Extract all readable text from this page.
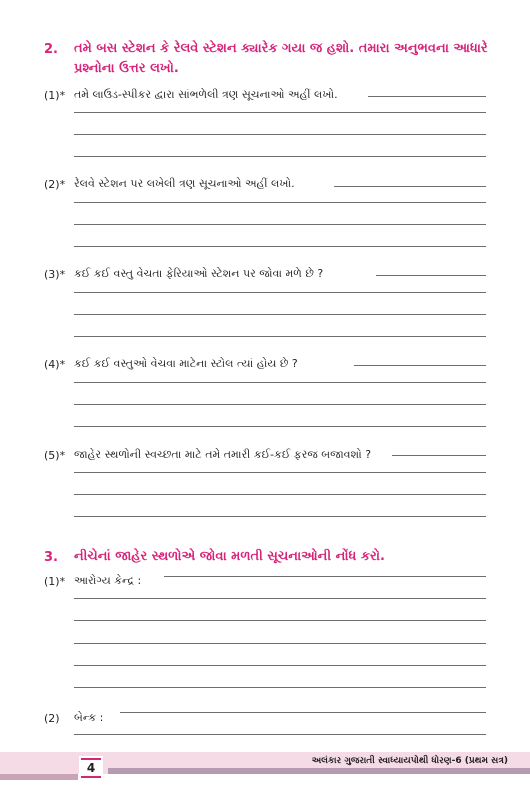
2. તમે બસ સ્ટેશન કે રેલવે સ્ટેશન ક્યારેક ગયા જ હશો. તમારા અનુભવના આધારે
પ્રશ્નોના ઉત્તર લખો.
(1)* તમે લાઉડ-સ્પીકર દ્વારા સાંભળેલી ત્રણ સૂચનાઓ અહીં લખો.
(2)* રેલવે સ્ટેશન પર લખેલી ત્રણ સૂચનાઓ અહીં લખો.
(3)* કઈ કઈ વસ્તુ વેચતા ફેરિયાઓ સ્ટેશન પર જોવા મળે છે ?
(4)* કઈ કઈ વસ્તુઓ વેચવા માટેના સ્ટોલ ત્યાં હોય છે ?
(5)* જાહેર સ્થળોની સ્વચ્છતા માટે તમે તમારી કઈ-કઈ ફરજ બજાવશો ?
3. નીચેનાં જાહેર સ્થળોએ જોવા મળતી સૂચનાઓની નોંધ કરો.
(1)* આરોગ્ય કેન્દ્ર :
(2) બેન્ક :
4	અલંકાર ગુજરાતી સ્વાધ્યાયપોથી ધોરણ-6 (પ્રથમ સત્ર)
